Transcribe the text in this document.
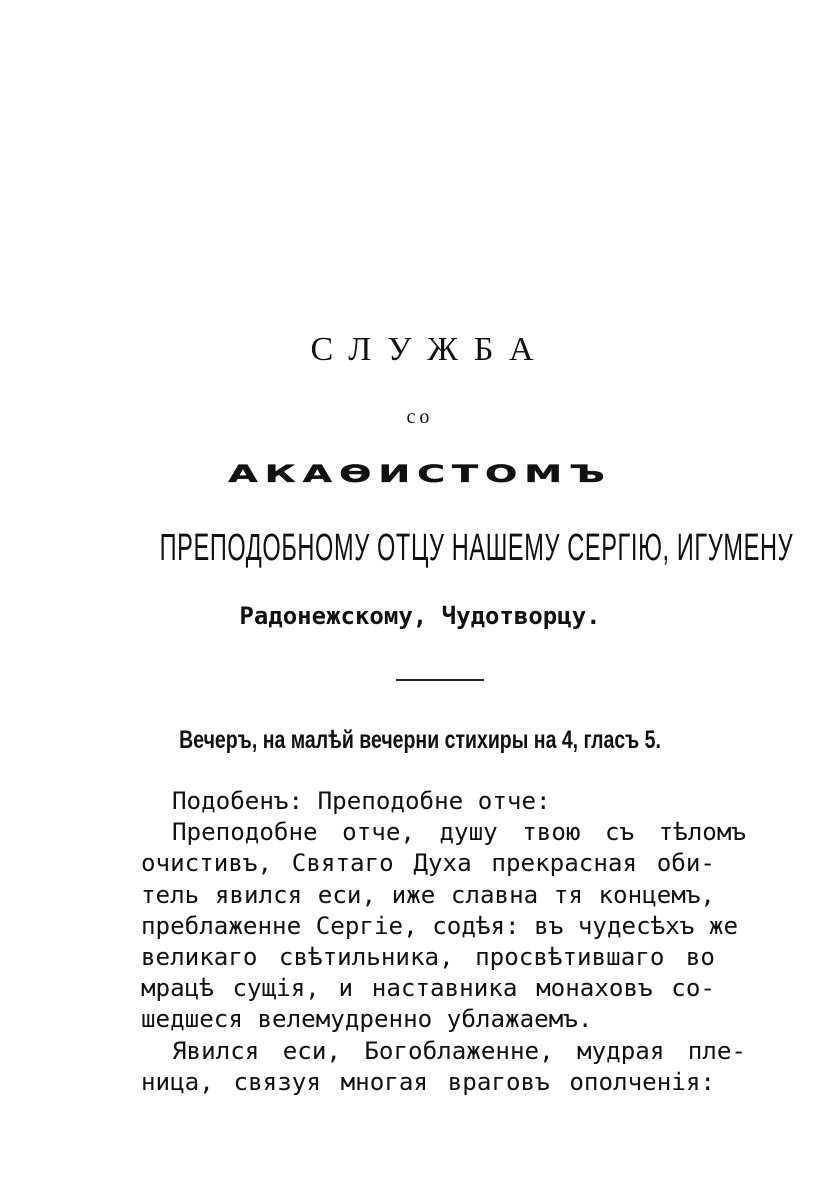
СЛУЖБА
со
АКАѲИСТОМЪ
ПРЕПОДОБНОМУ ОТЦУ НАШЕМУ СЕРГІЮ, ИГУМЕНУ
Радонежскому, Чудотворцу.
Вечеръ, на малѣй вечерни стихиры на 4, гласъ 5.
Подобенъ: Преподобне отче:
Преподобне отче, душу твою съ тѣломъ
очистивъ, Святаго Духа прекрасная оби-
тель явился еси, иже славна тя концемъ,
преблаженне Сергіе, содѣя: въ чудесѣхъ же
великаго свѣтильника, просвѣтившаго во
мрацѣ сущія, и наставника монаховъ со-
шедшеся велемудренно ублажаемъ.
Явился еси, Богоблаженне, мудрая пле-
ница, связуя многая враговъ ополченія:
